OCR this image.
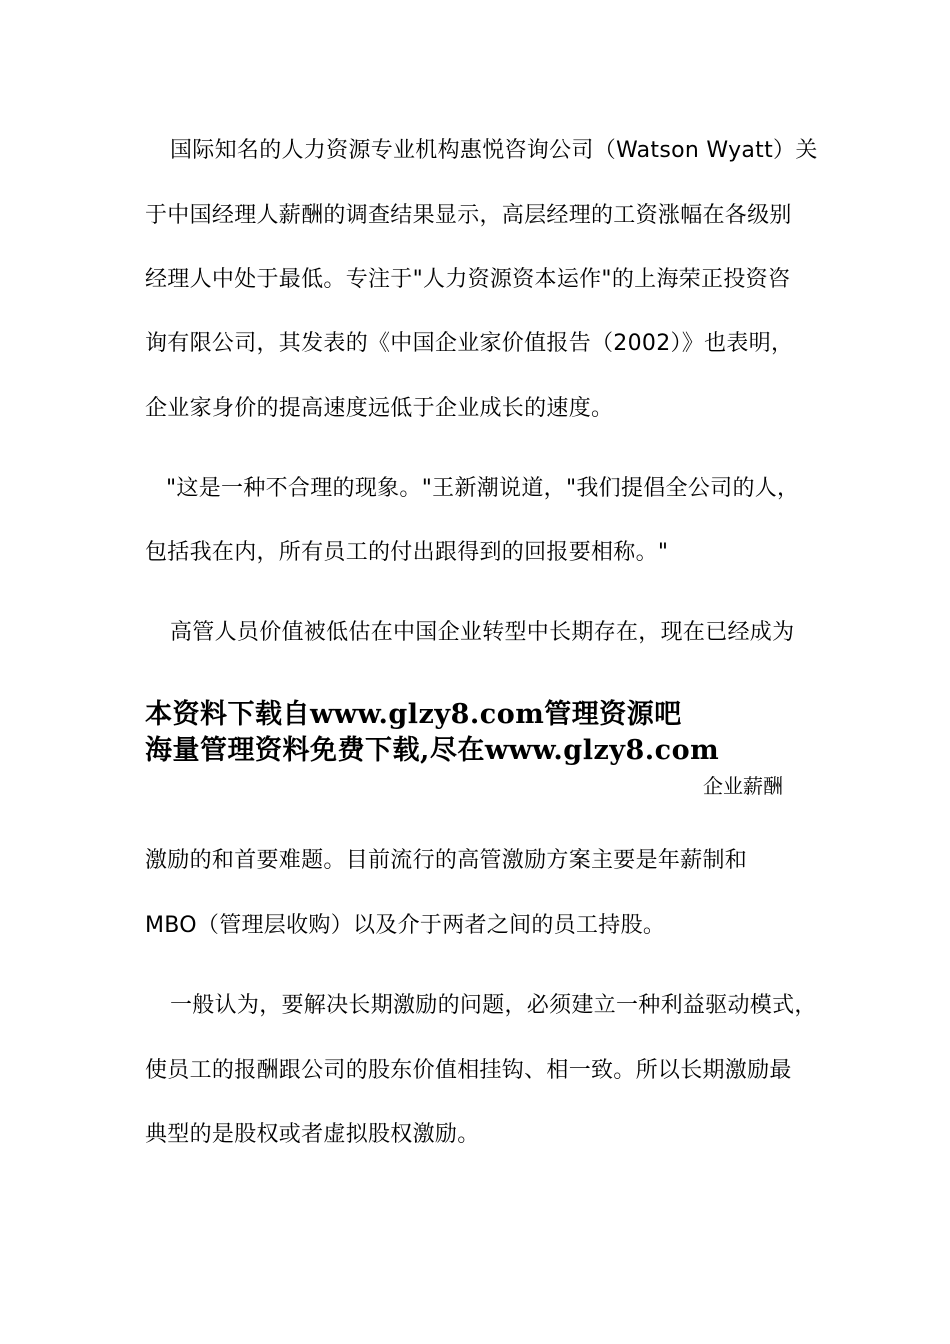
国际知名的人力资源专业机构惠悦咨询公司（Watson Wyatt）关
于中国经理人薪酬的调查结果显示，高层经理的工资涨幅在各级别
经理人中处于最低。专注于"人力资源资本运作"的上海荣正投资咨
询有限公司，其发表的《中国企业家价值报告（2002）》也表明，
企业家身价的提高速度远低于企业成长的速度。
"这是一种不合理的现象。"王新潮说道，"我们提倡全公司的人，
包括我在内，所有员工的付出跟得到的回报要相称。"
高管人员价值被低估在中国企业转型中长期存在，现在已经成为
本资料下载自www.glzy8.com管理资源吧
海量管理资料免费下载,尽在www.glzy8.com
企业薪酬
激励的和首要难题。目前流行的高管激励方案主要是年薪制和
MBO（管理层收购）以及介于两者之间的员工持股。
一般认为，要解决长期激励的问题，必须建立一种利益驱动模式，
使员工的报酬跟公司的股东价值相挂钩、相一致。所以长期激励最
典型的是股权或者虚拟股权激励。
